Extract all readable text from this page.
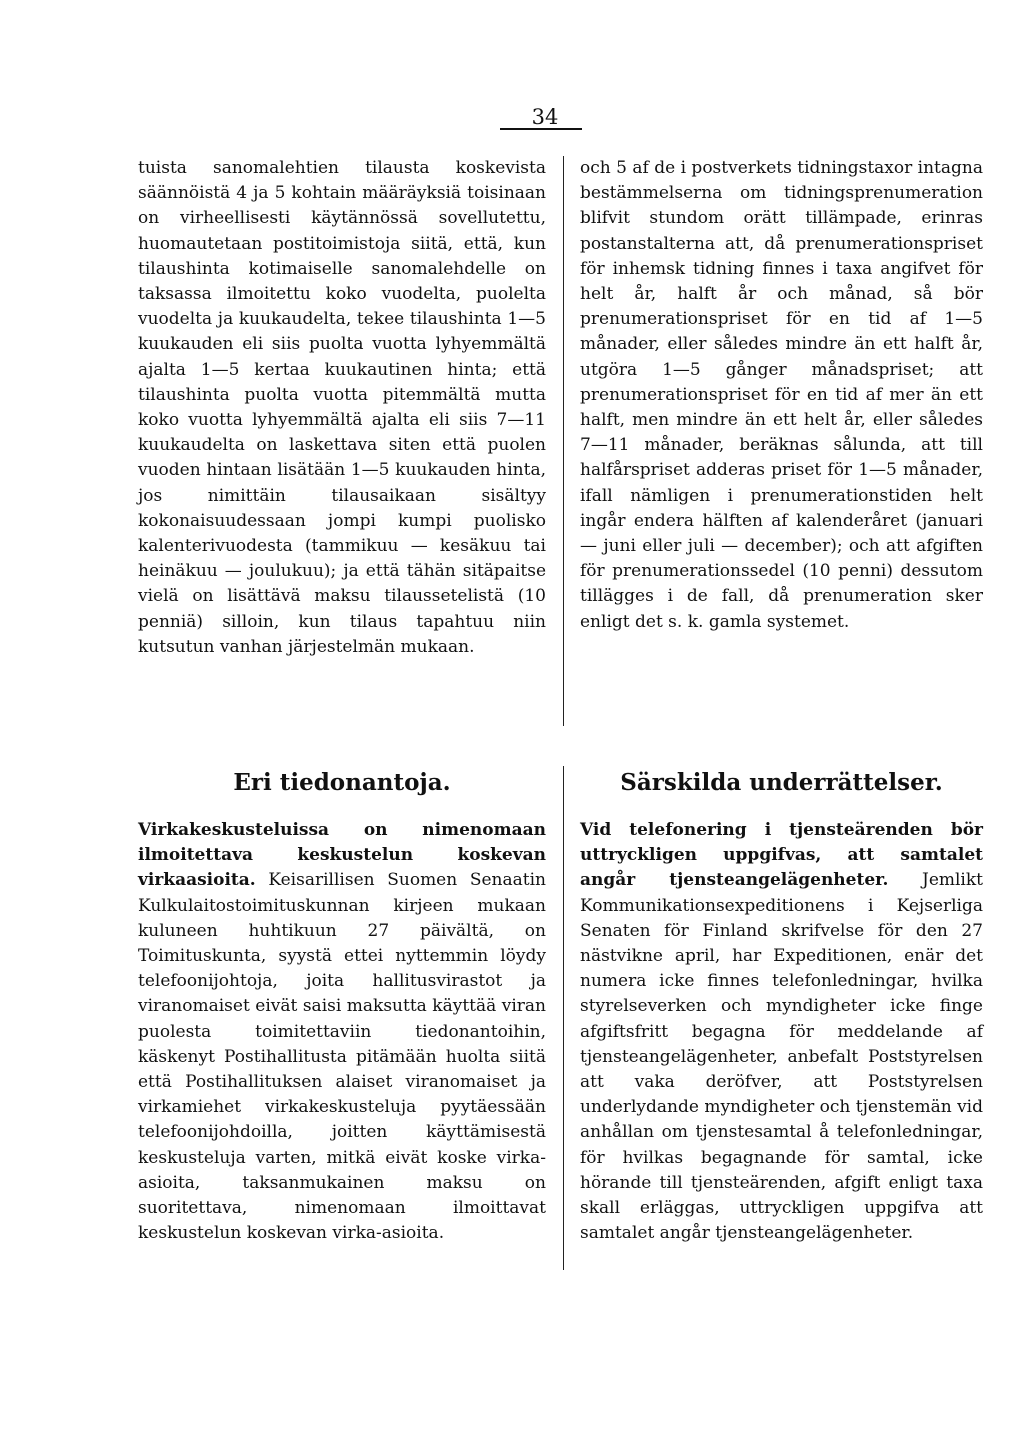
34

tuista sanomalehtien tilausta koskevista säännöistä 4 ja 5 kohtain määräyksiä toisinaan on virheellisesti käytännössä sovellutettu, huomautetaan postitoimistoja siitä, että, kun tilaushinta kotimaiselle sanomalehdelle on taksassa ilmoitettu koko vuodelta, puolelta vuodelta ja kuukaudelta, tekee tilaushinta 1—5 kuukauden eli siis puolta vuotta lyhyemmältä ajalta 1—5 kertaa kuukautinen hinta; että tilaushinta puolta vuotta pitemmältä mutta koko vuotta lyhyemmältä ajalta eli siis 7—11 kuukaudelta on laskettava siten että puolen vuoden hintaan lisätään 1—5 kuukauden hinta, jos nimittäin tilausaikaan sisältyy kokonaisuudessaan jompi kumpi puolisko kalenterivuodesta (tammikuu — kesäkuu tai heinäkuu — joulukuu); ja että tähän sitäpaitse vielä on lisättävä maksu tilaussetelistä (10 penniä) silloin, kun tilaus tapahtuu niin kutsutun vanhan järjestelmän mukaan.

och 5 af de i postverkets tidningstaxor intagna bestämmelserna om tidningsprenumeration blifvit stundom orätt tillämpade, erinras postanstalterna att, då prenumerationspriset för inhemsk tidning finnes i taxa angifvet för helt år, halft år och månad, så bör prenumerationspriset för en tid af 1—5 månader, eller således mindre än ett halft år, utgöra 1—5 gånger månadspriset; att prenumerationspriset för en tid af mer än ett halft, men mindre än ett helt år, eller således 7—11 månader, beräknas sålunda, att till halfårspriset adderas priset för 1—5 månader, ifall nämligen i prenumerationstiden helt ingår endera hälften af kalenderåret (januari — juni eller juli — december); och att afgiften för prenumerationssedel (10 penni) dessutom tillägges i de fall, då prenumeration sker enligt det s. k. gamla systemet.

Eri tiedonantoja.	Särskilda underrättelser.

Virkakeskusteluissa on nimenomaan ilmoitettava keskustelun koskevan virkaasioita. Keisarillisen Suomen Senaatin Kulkulaitostoimituskunnan kirjeen mukaan kuluneen huhtikuun 27 päivältä, on Toimituskunta, syystä ettei nyttemmin löydy telefoonijohtoja, joita hallitusvirastot ja viranomaiset eivät saisi maksutta käyttää viran puolesta toimitettaviin tiedonantoihin, käskenyt Postihallitusta pitämään huolta siitä että Postihallituksen alaiset viranomaiset ja virkamiehet virkakeskusteluja pyytäessään telefoonijohdoilla, joitten käyttämisestä keskusteluja varten, mitkä eivät koske virka-asioita, taksanmukainen maksu on suoritettava, nimenomaan ilmoittavat keskustelun koskevan virka-asioita.

Vid telefonering i tjensteärenden bör uttryckligen uppgifvas, att samtalet angår tjensteangelägenheter. Jemlikt Kommunikationsexpeditionens i Kejserliga Senaten för Finland skrifvelse för den 27 nästvikne april, har Expeditionen, enär det numera icke finnes telefonledningar, hvilka styrelseverken och myndigheter icke finge afgiftsfritt begagna för meddelande af tjensteangelägenheter, anbefalt Poststyrelsen att vaka deröfver, att Poststyrelsen underlydande myndigheter och tjenstemän vid anhållan om tjenstesamtal å telefonledningar, för hvilkas begagnande för samtal, icke hörande till tjensteärenden, afgift enligt taxa skall erläggas, uttryckligen uppgifva att samtalet angår tjensteangelägenheter.
